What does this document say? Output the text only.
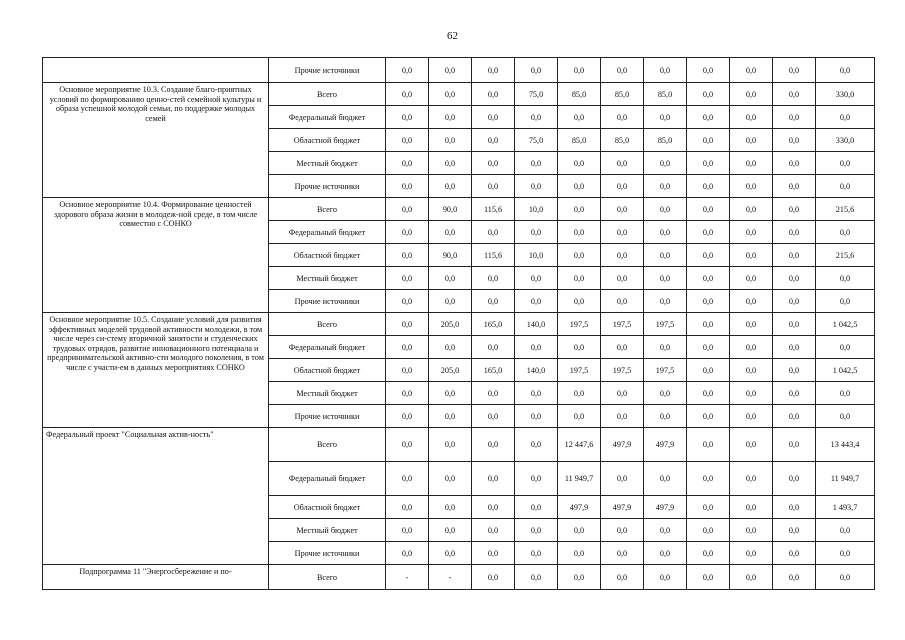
62
	Прочие источники	0,0	0,0	0,0	0,0	0,0	0,0	0,0	0,0	0,0	0,0	0,0
Основное мероприятие 10.3. Создание благо-приятных условий по формированию ценно-стей семейной культуры и образа успешной молодой семьи, по поддержке молодых семей	Всего	0,0	0,0	0,0	75,0	85,0	85,0	85,0	0,0	0,0	0,0	330,0
	Федеральный бюджет	0,0	0,0	0,0	0,0	0,0	0,0	0,0	0,0	0,0	0,0	0,0
	Областной бюджет	0,0	0,0	0,0	75,0	85,0	85,0	85,0	0,0	0,0	0,0	330,0
	Местный бюджет	0,0	0,0	0,0	0,0	0,0	0,0	0,0	0,0	0,0	0,0	0,0
	Прочие источники	0,0	0,0	0,0	0,0	0,0	0,0	0,0	0,0	0,0	0,0	0,0
Основное мероприятие 10.4. Формирование ценностей здорового образа жизни в молодеж-ной среде, в том числе совместно с СОНКО	Всего	0,0	90,0	115,6	10,0	0,0	0,0	0,0	0,0	0,0	0,0	215,6
	Федеральный бюджет	0,0	0,0	0,0	0,0	0,0	0,0	0,0	0,0	0,0	0,0	0,0
	Областной бюджет	0,0	90,0	115,6	10,0	0,0	0,0	0,0	0,0	0,0	0,0	215,6
	Местный бюджет	0,0	0,0	0,0	0,0	0,0	0,0	0,0	0,0	0,0	0,0	0,0
	Прочие источники	0,0	0,0	0,0	0,0	0,0	0,0	0,0	0,0	0,0	0,0	0,0
Основное мероприятие 10.5. Создание условий для развития эффективных моделей трудовой активности молодежи, в том числе через си-стему вторичной занятости и студенческих трудовых отрядов, развитие инновационного потенциала и предпринимательской активно-сти молодого поколения, в том числе с участи-ем в данных мероприятиях СОНКО	Всего	0,0	205,0	165,0	140,0	197,5	197,5	197,5	0,0	0,0	0,0	1 042,5
	Федеральный бюджет	0,0	0,0	0,0	0,0	0,0	0,0	0,0	0,0	0,0	0,0	0,0
	Областной бюджет	0,0	205,0	165,0	140,0	197,5	197,5	197,5	0,0	0,0	0,0	1 042,5
	Местный бюджет	0,0	0,0	0,0	0,0	0,0	0,0	0,0	0,0	0,0	0,0	0,0
	Прочие источники	0,0	0,0	0,0	0,0	0,0	0,0	0,0	0,0	0,0	0,0	0,0
Федеральный проект "Социальная актив-ность"	Всего	0,0	0,0	0,0	0,0	12 447,6	497,9	497,9	0,0	0,0	0,0	13 443,4
	Федеральный бюджет	0,0	0,0	0,0	0,0	11 949,7	0,0	0,0	0,0	0,0	0,0	11 949,7
	Областной бюджет	0,0	0,0	0,0	0,0	497,9	497,9	497,9	0,0	0,0	0,0	1 493,7
	Местный бюджет	0,0	0,0	0,0	0,0	0,0	0,0	0,0	0,0	0,0	0,0	0,0
	Прочие источники	0,0	0,0	0,0	0,0	0,0	0,0	0,0	0,0	0,0	0,0	0,0
Подпрограмма 11 "Энергосбережение и по-	Всего	-	-	0,0	0,0	0,0	0,0	0,0	0,0	0,0	0,0	0,0
